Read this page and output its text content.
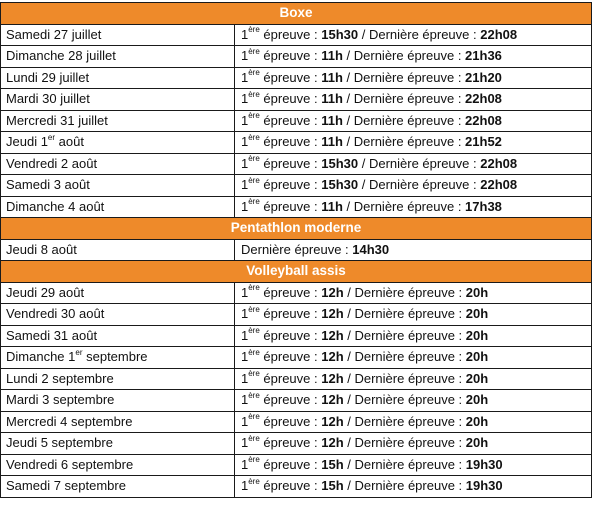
Boxe	
Samedi 27 juillet	1ère épreuve : 15h30 / Dernière épreuve : 22h08
Dimanche 28 juillet	1ère épreuve : 11h / Dernière épreuve : 21h36
Lundi 29 juillet	1ère épreuve : 11h / Dernière épreuve : 21h20
Mardi 30 juillet	1ère épreuve : 11h / Dernière épreuve : 22h08
Mercredi 31 juillet	1ère épreuve : 11h / Dernière épreuve : 22h08
Jeudi 1er août	1ère épreuve : 11h / Dernière épreuve : 21h52
Vendredi 2 août	1ère épreuve : 15h30 / Dernière épreuve : 22h08
Samedi 3 août	1ère épreuve : 15h30 / Dernière épreuve : 22h08
Dimanche 4 août	1ère épreuve : 11h / Dernière épreuve : 17h38
Pentathlon moderne	
Jeudi 8 août	Dernière épreuve : 14h30
Volleyball assis	
Jeudi 29 août	1ère épreuve : 12h / Dernière épreuve : 20h
Vendredi 30 août	1ère épreuve : 12h / Dernière épreuve : 20h
Samedi 31 août	1ère épreuve : 12h / Dernière épreuve : 20h
Dimanche 1er septembre	1ère épreuve : 12h / Dernière épreuve : 20h
Lundi 2 septembre	1ère épreuve : 12h / Dernière épreuve : 20h
Mardi 3 septembre	1ère épreuve : 12h / Dernière épreuve : 20h
Mercredi 4 septembre	1ère épreuve : 12h / Dernière épreuve : 20h
Jeudi 5 septembre	1ère épreuve : 12h / Dernière épreuve : 20h
Vendredi 6 septembre	1ère épreuve : 15h / Dernière épreuve : 19h30
Samedi 7 septembre	1ère épreuve : 15h / Dernière épreuve : 19h30
